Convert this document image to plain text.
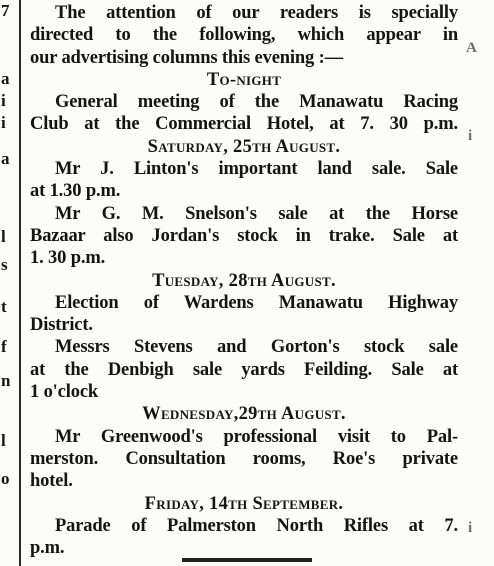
7
a
i
i
a
l
s
t
f
n
l
o
The attention of our readers is specially
directed to the following, which appear in
our advertising columns this evening :—
To-night
General meeting of the Manawatu Racing
Club at the Commercial Hotel, at 7. 30 p.m.
Saturday, 25th August.
Mr J. Linton's important land sale. Sale
at 1.30 p.m.
Mr G. M. Snelson's sale at the Horse
Bazaar also Jordan's stock in trake. Sale at
1. 30 p.m.
Tuesday, 28th August.
Election of Wardens Manawatu Highway
District.
Messrs Stevens and Gorton's stock sale
at the Denbigh sale yards Feilding. Sale at
1 o'clock
Wednesday,29th August.
Mr Greenwood's professional visit to Pal-
merston. Consultation rooms, Roe's private
hotel.
Friday, 14th September.
Parade of Palmerston North Rifles at 7.
p.m.
A
i
i
